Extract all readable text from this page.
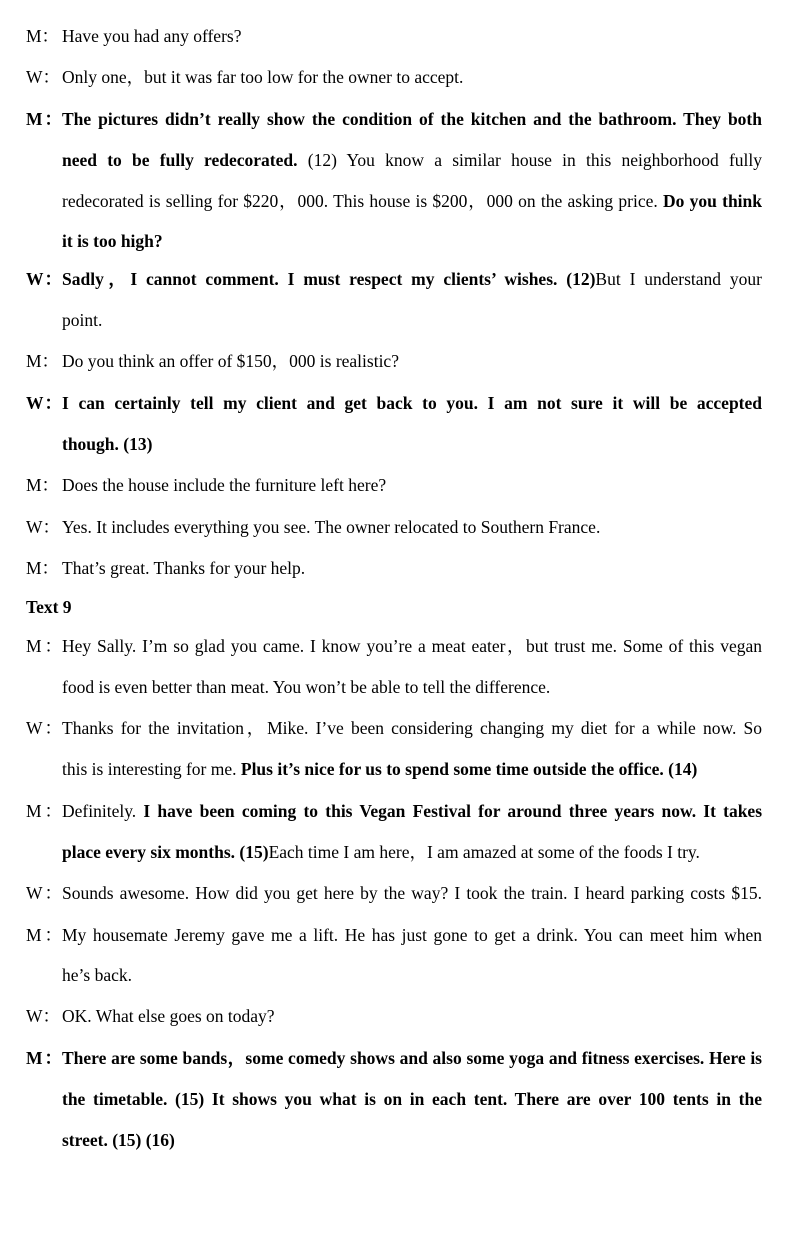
M： Have you had any offers?
W： Only one，but it was far too low for the owner to accept.
M：The pictures didn’t really show the condition of the kitchen and the bathroom. They both
need to be fully redecorated. (12) You know a similar house in this neighborhood fully
redecorated is selling for $220，000. This house is $200，000 on the asking price. Do you think
it is too high?
W：Sadly，I cannot comment. I must respect my clients’ wishes. (12)But I understand your
point.
M： Do you think an offer of $150，000 is realistic?
W：I can certainly tell my client and get back to you. I am not sure it will be accepted
though. (13)
M： Does the house include the furniture left here?
W： Yes. It includes everything you see. The owner relocated to Southern France.
M： That’s great. Thanks for your help.
Text 9
M：Hey Sally. I’m so glad you came. I know you’re a meat eater，but trust me. Some of this vegan
food is even better than meat. You won’t be able to tell the difference.
W：Thanks for the invitation，Mike. I’ve been considering changing my diet for a while now. So
this is interesting for me. Plus it’s nice for us to spend some time outside the office. (14)
M：Definitely. I have been coming to this Vegan Festival for around three years now. It takes
place every six months. (15)Each time I am here，I am amazed at some of the foods I try.
W：Sounds awesome. How did you get here by the way? I took the train. I heard parking costs $15.
M：My housemate Jeremy gave me a lift. He has just gone to get a drink. You can meet him when
he’s back.
W： OK. What else goes on today?
M：There are some bands，some comedy shows and also some yoga and fitness exercises. Here is
the timetable. (15) It shows you what is on in each tent. There are over 100 tents in the
street. (15) (16)
